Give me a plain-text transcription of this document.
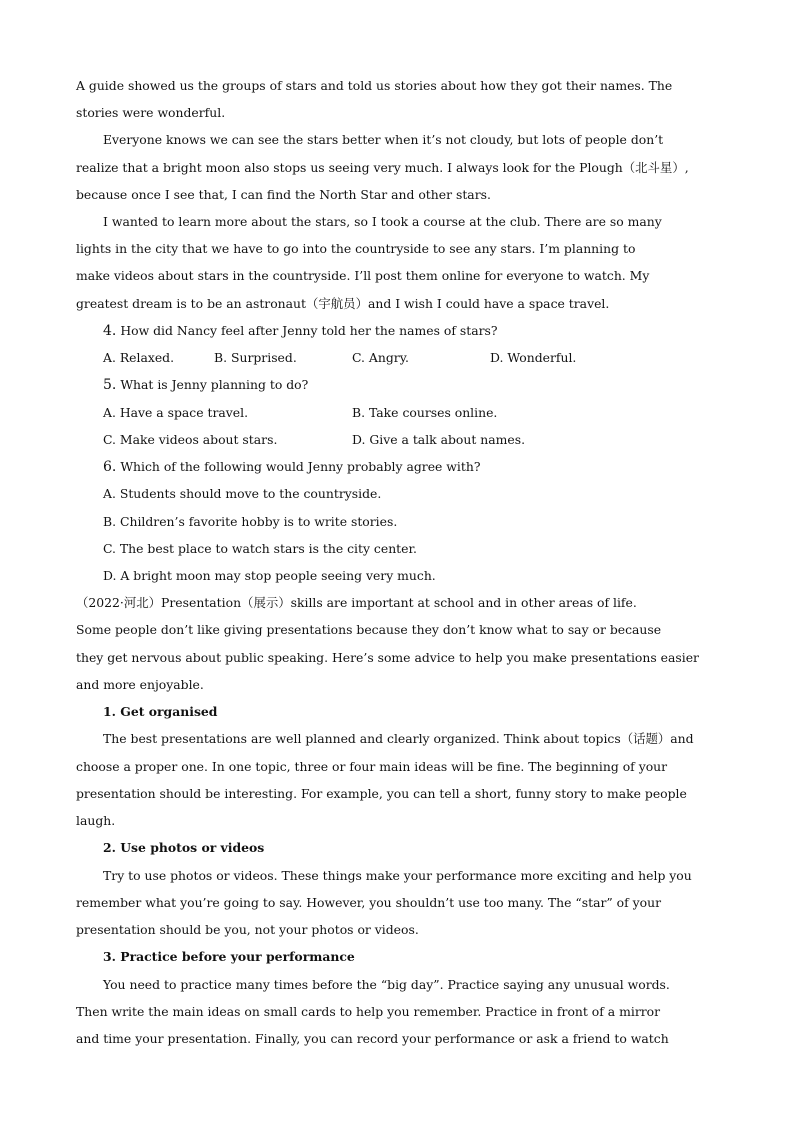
A guide showed us the groups of stars and told us stories about how they got their names. The
stories were wonderful.
Everyone knows we can see the stars better when it’s not cloudy, but lots of people don’t
realize that a bright moon also stops us seeing very much. I always look for the Plough（北斗星）,
because once I see that, I can find the North Star and other stars.
I wanted to learn more about the stars, so I took a course at the club. There are so many
lights in the city that we have to go into the countryside to see any stars. I’m planning to
make videos about stars in the countryside. I’ll post them online for everyone to watch. My
greatest dream is to be an astronaut（宇航员）and I wish I could have a space travel.
4. How did Nancy feel after Jenny told her the names of stars?
A. Relaxed.	B. Surprised.	C. Angry.	D. Wonderful.
5. What is Jenny planning to do?
A. Have a space travel.	B. Take courses online.
C. Make videos about stars.	D. Give a talk about names.
6. Which of the following would Jenny probably agree with?
A. Students should move to the countryside.
B. Children’s favorite hobby is to write stories.
C. The best place to watch stars is the city center.
D. A bright moon may stop people seeing very much.
（2022·河北）Presentation（展示）skills are important at school and in other areas of life.
Some people don’t like giving presentations because they don’t know what to say or because
they get nervous about public speaking. Here’s some advice to help you make presentations easier
and more enjoyable.
1. Get organised
The best presentations are well planned and clearly organized. Think about topics（话题）and
choose a proper one. In one topic, three or four main ideas will be fine. The beginning of your
presentation should be interesting. For example, you can tell a short, funny story to make people
laugh.
2. Use photos or videos
Try to use photos or videos. These things make your performance more exciting and help you
remember what you’re going to say. However, you shouldn’t use too many. The “star” of your
presentation should be you, not your photos or videos.
3. Practice before your performance
You need to practice many times before the “big day”. Practice saying any unusual words.
Then write the main ideas on small cards to help you remember. Practice in front of a mirror
and time your presentation. Finally, you can record your performance or ask a friend to watch
